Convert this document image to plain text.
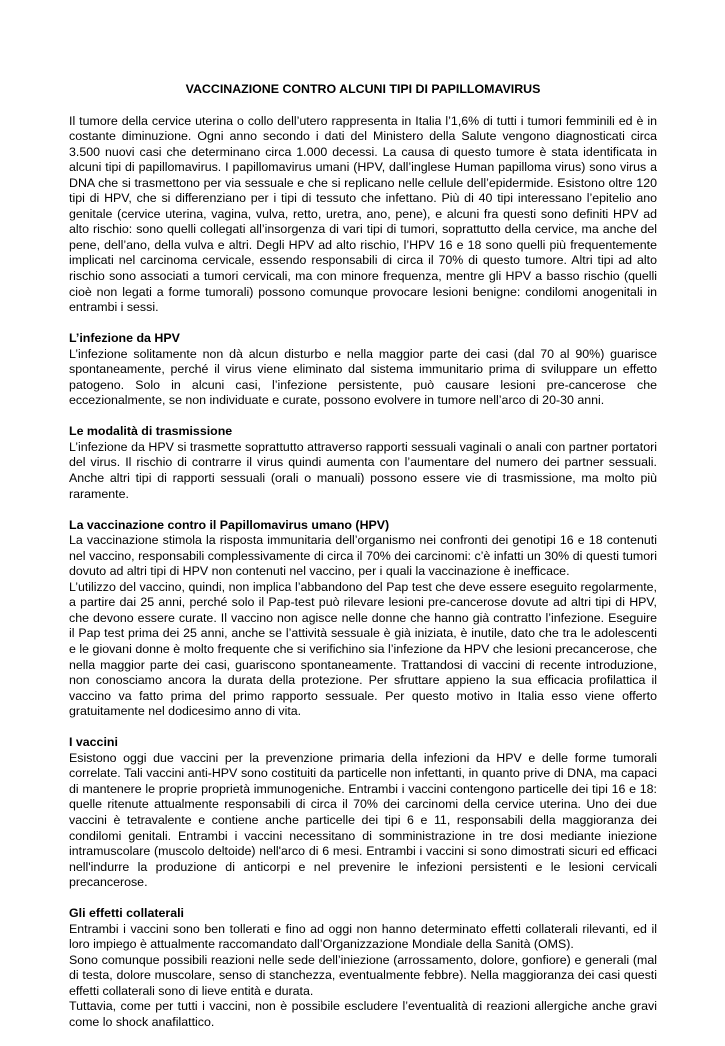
VACCINAZIONE CONTRO ALCUNI TIPI DI PAPILLOMAVIRUS

Il tumore della cervice uterina o collo dell’utero rappresenta in Italia l’1,6% di tutti i tumori femminili ed è in costante diminuzione. Ogni anno secondo i dati del Ministero della Salute vengono diagnosticati circa 3.500 nuovi casi che determinano circa 1.000 decessi. La causa di questo tumore è stata identificata in alcuni tipi di papillomavirus. I papillomavirus umani (HPV, dall’inglese Human papilloma virus) sono virus a DNA che si trasmettono per via sessuale e che si replicano nelle cellule dell’epidermide. Esistono oltre 120 tipi di HPV, che si differenziano per i tipi di tessuto che infettano. Più di 40 tipi interessano l’epitelio ano genitale (cervice uterina, vagina, vulva, retto, uretra, ano, pene), e alcuni fra questi sono definiti HPV ad alto rischio: sono quelli collegati all’insorgenza di vari tipi di tumori, soprattutto della cervice, ma anche del pene, dell’ano, della vulva e altri. Degli HPV ad alto rischio, l’HPV 16 e 18 sono quelli più frequentemente implicati nel carcinoma cervicale, essendo responsabili di circa il 70% di questo tumore. Altri tipi ad alto rischio sono associati a tumori cervicali, ma con minore frequenza, mentre gli HPV a basso rischio (quelli cioè non legati a forme tumorali) possono comunque provocare lesioni benigne: condilomi anogenitali in entrambi i sessi.

L’infezione da HPV

L’infezione solitamente non dà alcun disturbo e nella maggior parte dei casi (dal 70 al 90%) guarisce spontaneamente, perché il virus viene eliminato dal sistema immunitario prima di sviluppare un effetto patogeno. Solo in alcuni casi, l’infezione persistente, può causare lesioni pre-cancerose che eccezionalmente, se non individuate e curate, possono evolvere in tumore nell’arco di 20-30 anni.

Le modalità di trasmissione

L’infezione da HPV si trasmette soprattutto attraverso rapporti sessuali vaginali o anali con partner portatori del virus. Il rischio di contrarre il virus quindi aumenta con l’aumentare del numero dei partner sessuali. Anche altri tipi di rapporti sessuali (orali o manuali) possono essere vie di trasmissione, ma molto più raramente.

La vaccinazione contro il Papillomavirus umano (HPV)

La vaccinazione stimola la risposta immunitaria dell’organismo nei confronti dei genotipi 16 e 18 contenuti nel vaccino, responsabili complessivamente di circa il 70% dei carcinomi: c’è infatti un 30% di questi tumori dovuto ad altri tipi di HPV non contenuti nel vaccino, per i quali la vaccinazione è inefficace.

L’utilizzo del vaccino, quindi, non implica l’abbandono del Pap test che deve essere eseguito regolarmente, a partire dai 25 anni, perché solo il Pap-test può rilevare lesioni pre-cancerose dovute ad altri tipi di HPV, che devono essere curate. Il vaccino non agisce nelle donne che hanno già contratto l’infezione. Eseguire il Pap test prima dei 25 anni, anche se l’attività sessuale è già iniziata, è inutile, dato che tra le adolescenti e le giovani donne è molto frequente che si verifichino sia l’infezione da HPV che lesioni precancerose, che nella maggior parte dei casi, guariscono spontaneamente. Trattandosi di vaccini di recente introduzione, non conosciamo ancora la durata della protezione. Per sfruttare appieno la sua efficacia profilattica il vaccino va fatto prima del primo rapporto sessuale. Per questo motivo in Italia esso viene offerto gratuitamente nel dodicesimo anno di vita.

I vaccini

Esistono oggi due vaccini per la prevenzione primaria della infezioni da HPV e delle forme tumorali correlate. Tali vaccini anti-HPV sono costituiti da particelle non infettanti, in quanto prive di DNA, ma capaci di mantenere le proprie proprietà immunogeniche. Entrambi i vaccini contengono particelle dei tipi 16 e 18: quelle ritenute attualmente responsabili di circa il 70% dei carcinomi della cervice uterina. Uno dei due vaccini è tetravalente e contiene anche particelle dei tipi 6 e 11, responsabili della maggioranza dei condilomi genitali. Entrambi i vaccini necessitano di somministrazione in tre dosi mediante iniezione intramuscolare (muscolo deltoide) nell'arco di 6 mesi. Entrambi i vaccini si sono dimostrati sicuri ed efficaci nell'indurre la produzione di anticorpi e nel prevenire le infezioni persistenti e le lesioni cervicali precancerose.

Gli effetti collaterali

Entrambi i vaccini sono ben tollerati e fino ad oggi non hanno determinato effetti collaterali rilevanti, ed il loro impiego è attualmente raccomandato dall’Organizzazione Mondiale della Sanità (OMS).

Sono comunque possibili reazioni nelle sede dell’iniezione (arrossamento, dolore, gonfiore) e generali (mal di testa, dolore muscolare, senso di stanchezza, eventualmente febbre). Nella maggioranza dei casi questi effetti collaterali sono di lieve entità e durata.

Tuttavia, come per tutti i vaccini, non è possibile escludere l’eventualità di reazioni allergiche anche gravi come lo shock anafilattico.
